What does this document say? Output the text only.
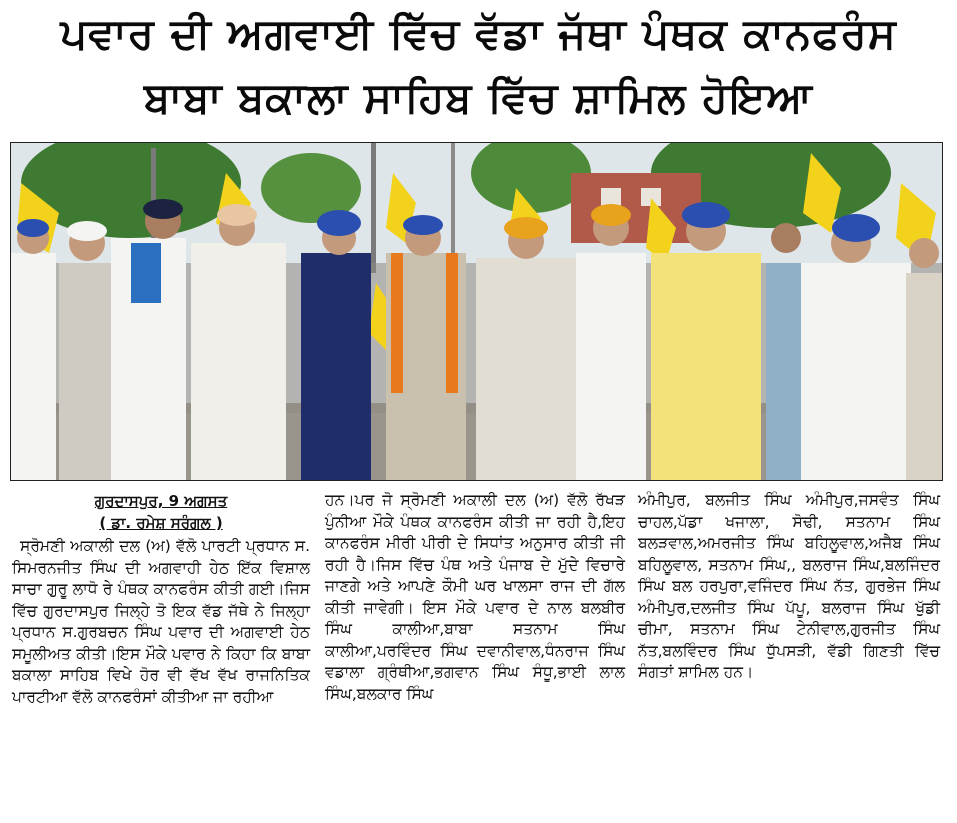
ਪਵਾਰ ਦੀ ਅਗਵਾਈ ਵਿੱਚ ਵੱਡਾ ਜੱਥਾ ਪੰਥਕ ਕਾਨਫਰੰਸ
ਬਾਬਾ ਬਕਾਲਾ ਸਾਹਿਬ ਵਿੱਚ ਸ਼ਾਮਿਲ ਹੋਇਆ
ਗੁਰਦਾਸਪੁਰ, 9 ਅਗਸਤ
( ਡਾ. ਰਮੇਸ਼ ਸਰੰਗਲ )
ਸ੍ਰੋਮਣੀ ਅਕਾਲੀ ਦਲ (ਅ) ਵੱਲੋ ਪਾਰਟੀ ਪ੍ਰਧਾਨ ਸ. ਸਿਮਰਨਜੀਤ ਸਿੰਘ ਦੀ ਅਗਵਾਹੀ ਹੇਠ ਇੱਕ ਵਿਸ਼ਾਲ ਸਾਚਾ ਗੁਰੂ ਲਾਧੋ ਰੇ ਪੰਥਕ ਕਾਨਫਰੰਸ ਕੀਤੀ ਗਈ।ਜਿਸ ਵਿੱਚ ਗੁਰਦਾਸਪੁਰ ਜਿਲ੍ਹੇ ਤੋ ਇਕ ਵੱਡ ਜੱਥੇ ਨੇ ਜਿਲ੍ਹਾ ਪ੍ਰਧਾਨ ਸ.ਗੁਰਬਚਨ ਸਿੰਘ ਪਵਾਰ ਦੀ ਅਗਵਾਈ ਹੇਠ ਸਮੂਲੀਅਤ ਕੀਤੀ।ਇਸ ਮੌਕੇ ਪਵਾਰ ਨੇ ਕਿਹਾ ਕਿ ਬਾਬਾ ਬਕਾਲਾ ਸਾਹਿਬ ਵਿਖੇ ਹੋਰ ਵੀ ਵੱਖ ਵੱਖ ਰਾਜਨਿਤਿਕ ਪਾਰਟੀਆ ਵੱਲੋ ਕਾਨਫਰੰਸਾਂ ਕੀਤੀਆ ਜਾ ਰਹੀਆ
ਹਨ।ਪਰ ਜੋ ਸ੍ਰੋਮਣੀ ਅਕਾਲੀ ਦਲ (ਅ) ਵੱਲੋ ਰੱਖੜ ਪੁੰਨੀਆ ਮੌਕੇ ਪੰਥਕ ਕਾਨਫਰੰਸ ਕੀਤੀ ਜਾ ਰਹੀ ਹੈ,ਇਹ ਕਾਨਫਰੰਸ ਮੀਰੀ ਪੀਰੀ ਦੇ ਸਿਧਾਂਤ ਅਨੁਸਾਰ ਕੀਤੀ ਜੀ ਰਹੀ ਹੈ।ਜਿਸ ਵਿੱਚ ਪੰਥ ਅਤੇ ਪੰਜਾਬ ਦੇ ਮੁੱਦੇ ਵਿਚਾਰੇ ਜਾਣਗੇ ਅਤੇ ਆਪਣੇ ਕੌਮੀ ਘਰ ਖਾਲਸਾ ਰਾਜ ਦੀ ਗੱਲ ਕੀਤੀ ਜਾਵੇਗੀ। ਇਸ ਮੌਕੇ ਪਵਾਰ ਦੇ ਨਾਲ ਬਲਬੀਰ ਸਿੰਘ ਕਾਲੀਆ,ਬਾਬਾ ਸਤਨਾਮ ਸਿੰਘ ਕਾਲੀਆ,ਪਰਵਿੰਦਰ ਸਿੰਘ ਦਵਾਨੀਵਾਲ,ਧੰਨਰਾਜ ਸਿੰਘ ਵਡਾਲਾ ਗ੍ਰੰਥੀਆ,ਭਗਵਾਨ ਸਿੰਘ ਸੰਧੂ,ਭਾਈ ਲਾਲ ਸਿੰਘ,ਬਲਕਾਰ ਸਿੰਘ
ਅੰਮੀਪੁਰ, ਬਲਜੀਤ ਸਿੰਘ ਅੰਮੀਪੁਰ,ਜਸਵੰਤ ਸਿੰਘ ਚਾਹਲ,ਪੱਡਾ ਖਜਾਲਾ, ਸੋਢੀ, ਸਤਨਾਮ ਸਿੰਘ ਬਲੜਵਾਲ,ਅਮਰਜੀਤ ਸਿੰਘ ਬਹਿਲੂਵਾਲ,ਅਜੈਬ ਸਿੰਘ ਬਹਿਲੂਵਾਲ, ਸਤਨਾਮ ਸਿੰਘ,, ਬਲਰਾਜ ਸਿੰਘ,ਬਲਜਿੰਦਰ ਸਿੰਘ ਬਲ ਹਰਪੁਰਾ,ਵਜਿੰਦਰ ਸਿੰਘ ਨੱਤ, ਗੁਰਭੇਜ ਸਿੰਘ ਅੰਮੀਪੁਰ,ਦਲਜੀਤ ਸਿੰਘ ਪੱਪੂ, ਬਲਰਾਜ ਸਿੰਘ ਖੁੱਡੀ ਚੀਮਾ, ਸਤਨਾਮ ਸਿੰਘ ਟੇਨੀਵਾਲ,ਗੁਰਜੀਤ ਸਿੰਘ ਨੱਤ,ਬਲਵਿੰਦਰ ਸਿੰਘ ਧੁੱਪਸੜੀ, ਵੱਡੀ ਗਿਣਤੀ ਵਿੱਚ ਸੰਗਤਾਂ ਸ਼ਾਮਿਲ ਹਨ।
